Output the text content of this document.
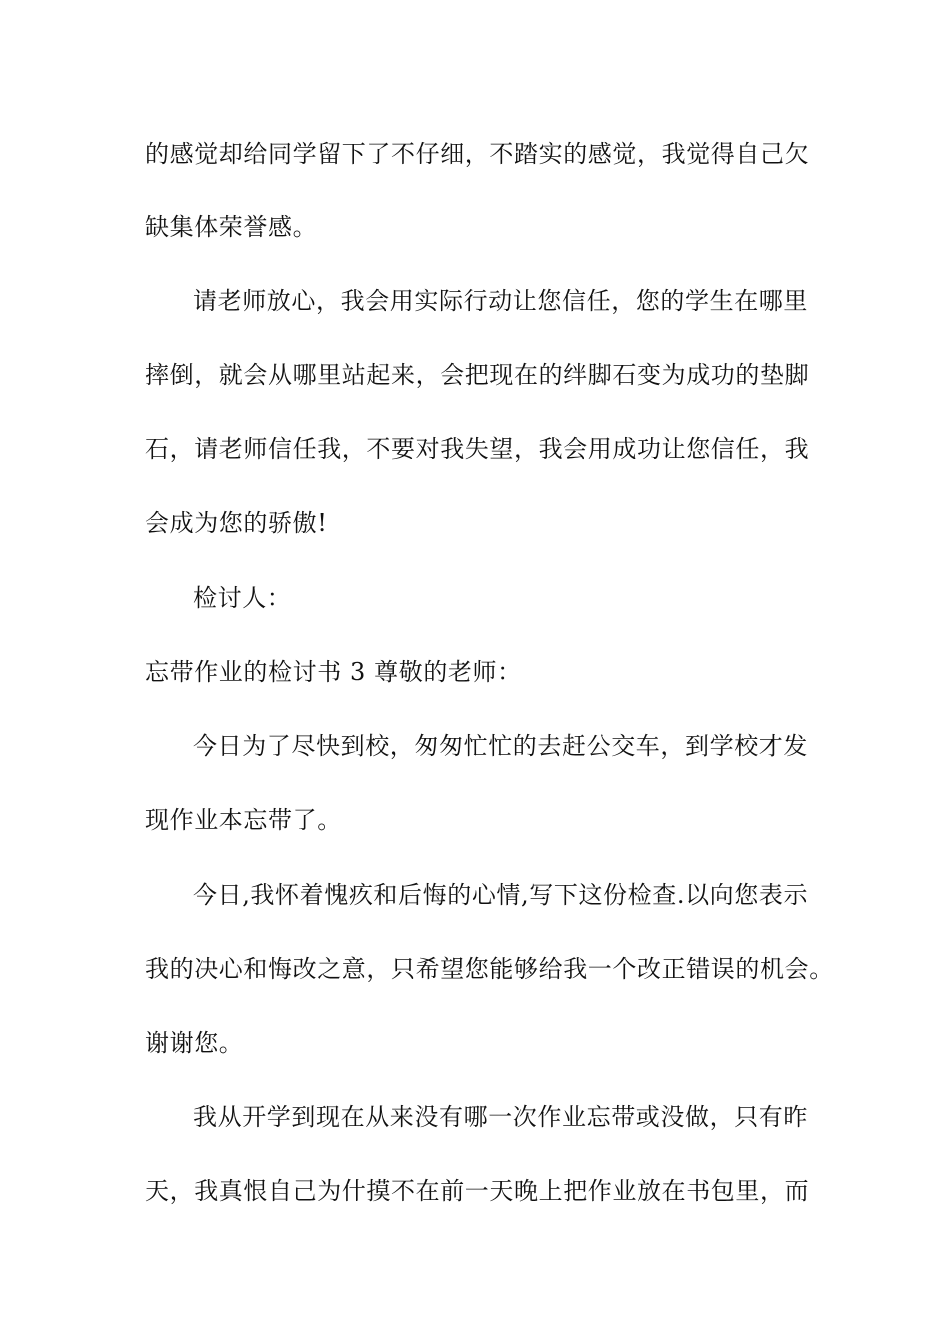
的感觉却给同学留下了不仔细，不踏实的感觉，我觉得自己欠
缺集体荣誉感。
请老师放心，我会用实际行动让您信任，您的学生在哪里
摔倒，就会从哪里站起来，会把现在的绊脚石变为成功的垫脚
石，请老师信任我，不要对我失望，我会用成功让您信任，我
会成为您的骄傲!
检讨人：
忘带作业的检讨书 3 尊敬的老师：
今日为了尽快到校，匆匆忙忙的去赶公交车，到学校才发
现作业本忘带了。
今日,我怀着愧疚和后悔的心情,写下这份检查.以向您表示
我的决心和悔改之意，只希望您能够给我一个改正错误的机会。
谢谢您。
我从开学到现在从来没有哪一次作业忘带或没做，只有昨
天，我真恨自己为什摸不在前一天晚上把作业放在书包里，而
